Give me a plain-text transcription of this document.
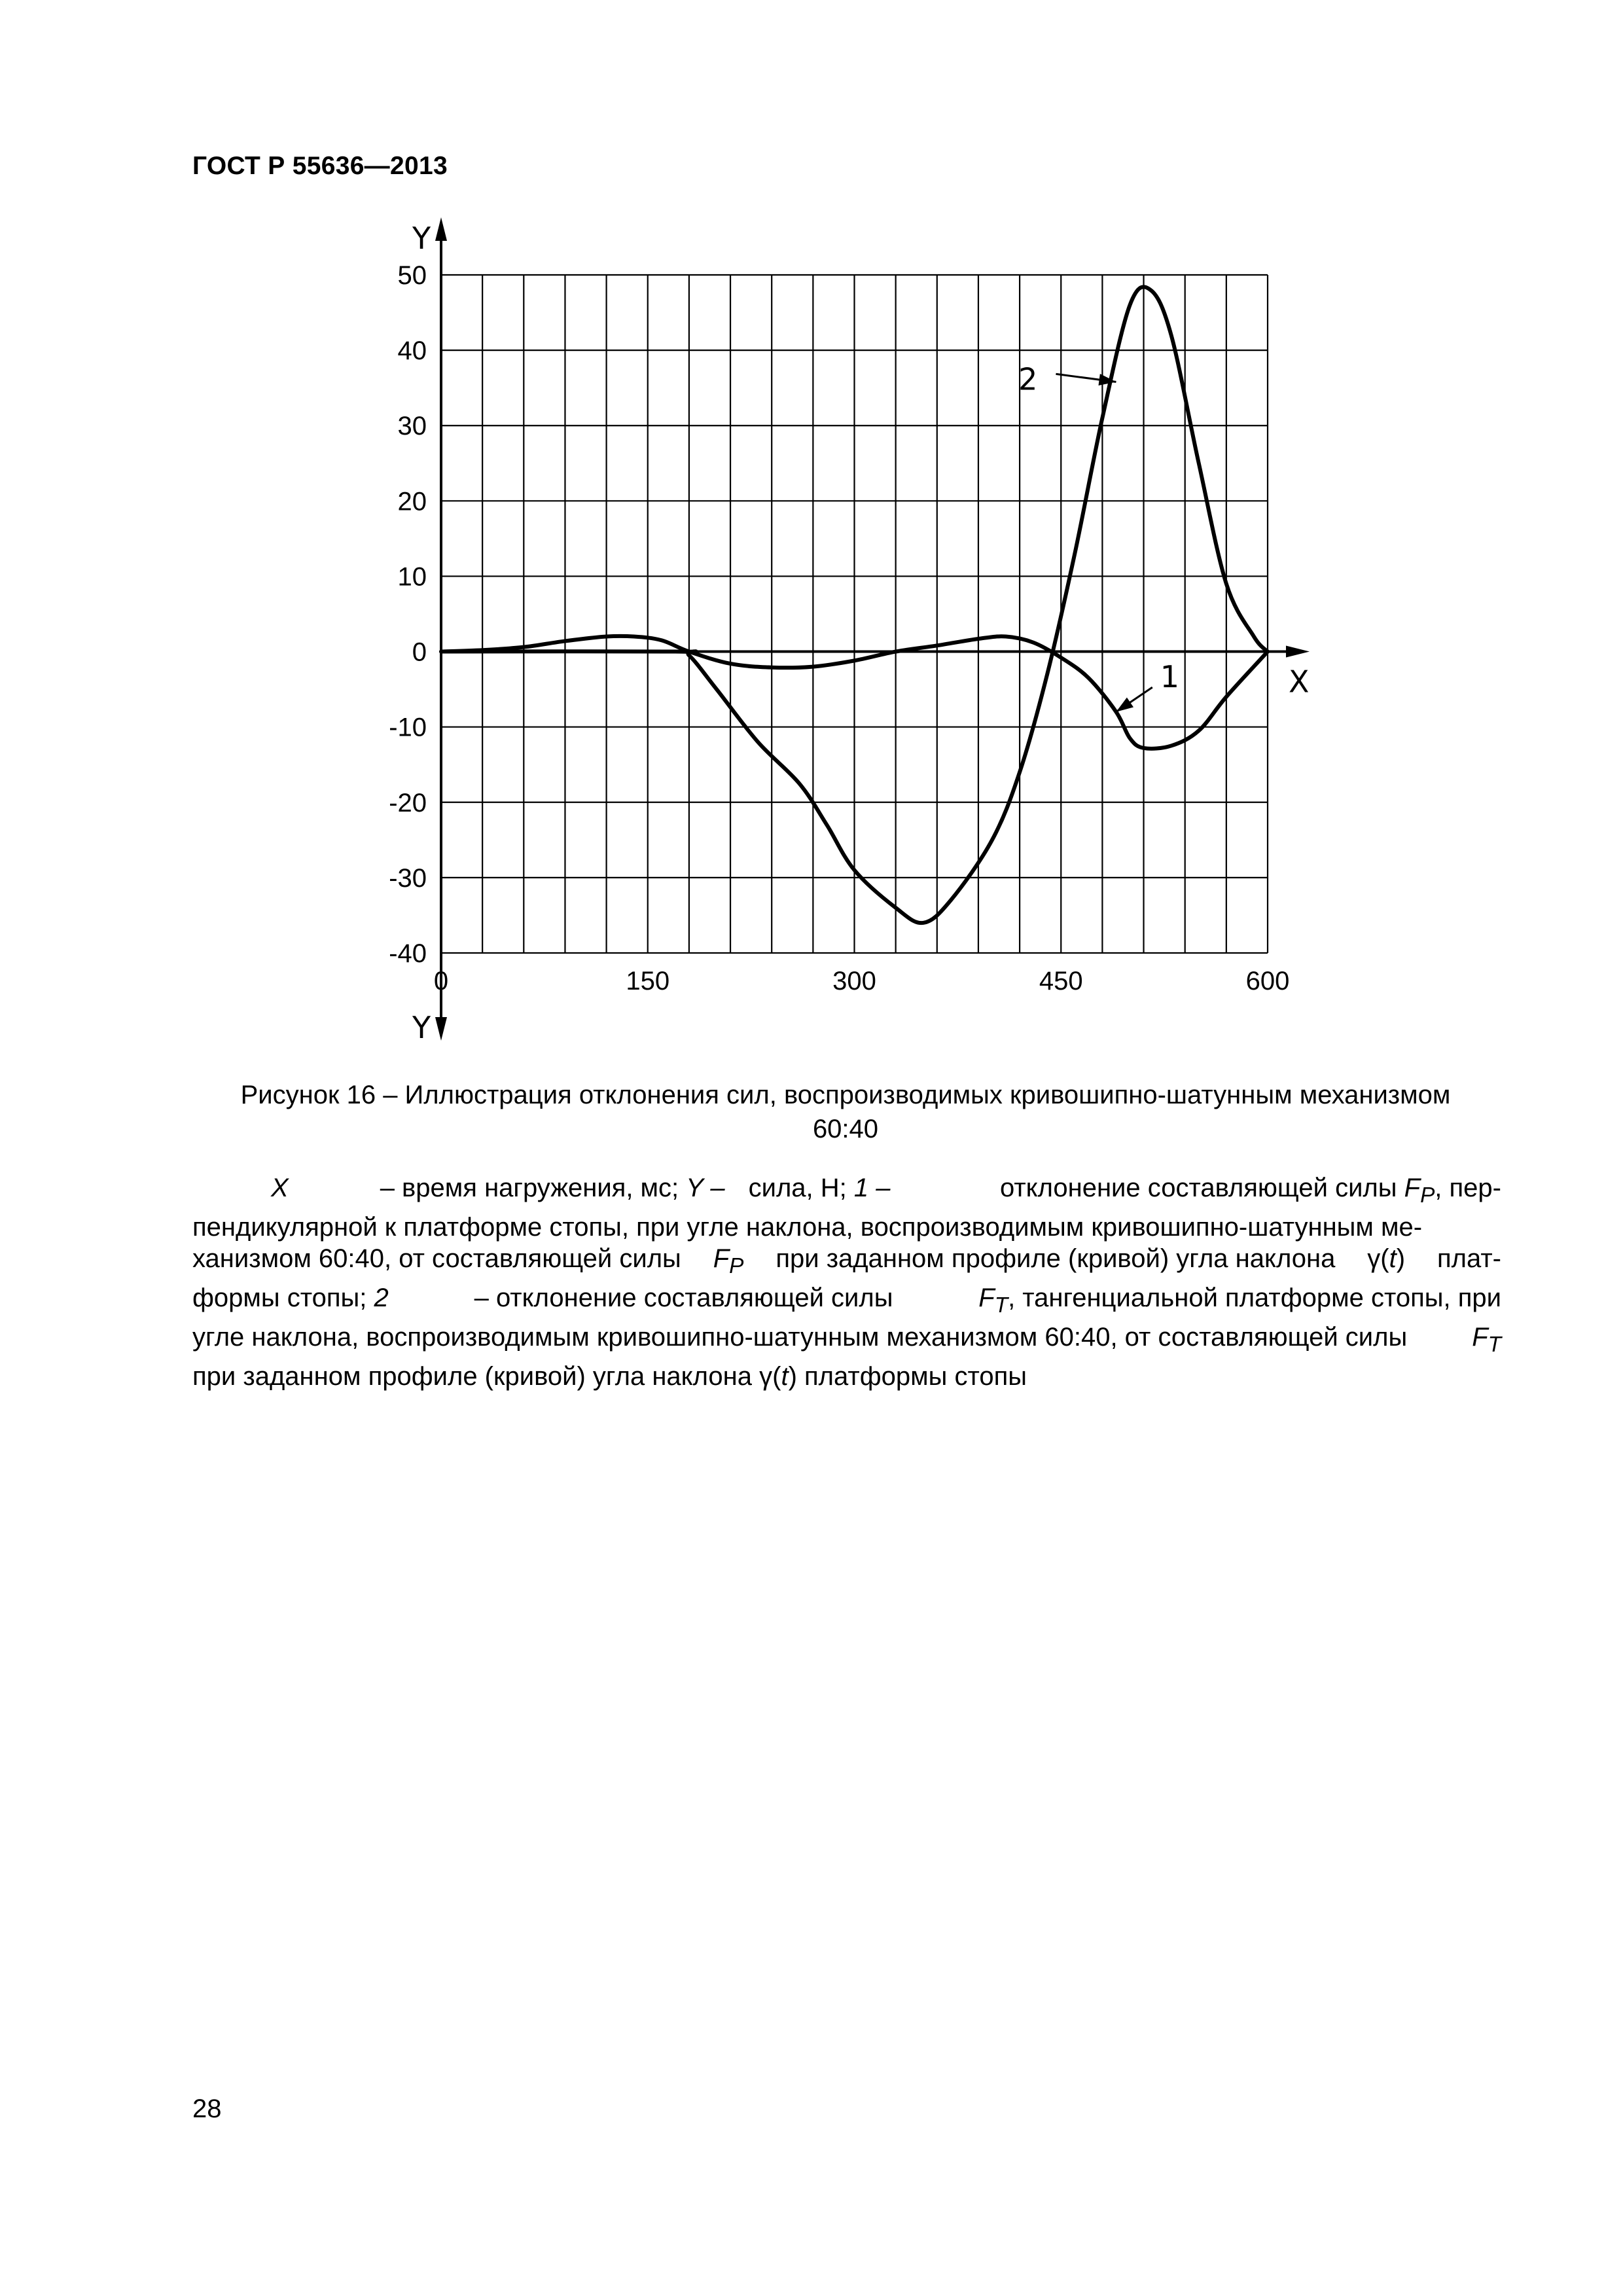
ГОСТ Р 55636—2013
Y
Y
X
50
40
30
20
10
0
-10
-20
-30
-40
0	150	300	450	600
1
2
Рисунок 16 – Иллюстрация отклонения сил, воспроизводимых кривошипно-шатунным механизмом
60:40
X	– время нагружения, мс; Y – сила, Н; 1 –	отклонение составляющей силы $F_P$, пер-
пендикулярной к платформе стопы, при угле наклона, воспроизводимым кривошипно-шатунным ме-
ханизмом 60:40, от составляющей силы $F_P$ при заданном профиле (кривой) угла наклона γ(t) плат-
формы стопы; 2	– отклонение составляющей силы	$F_T$, тангенциальной платформе стопы, при
угле наклона, воспроизводимым кривошипно-шатунным механизмом 60:40, от составляющей силы $F_T$
при заданном профиле (кривой) угла наклона
γ(t)
платформы стопы
28
